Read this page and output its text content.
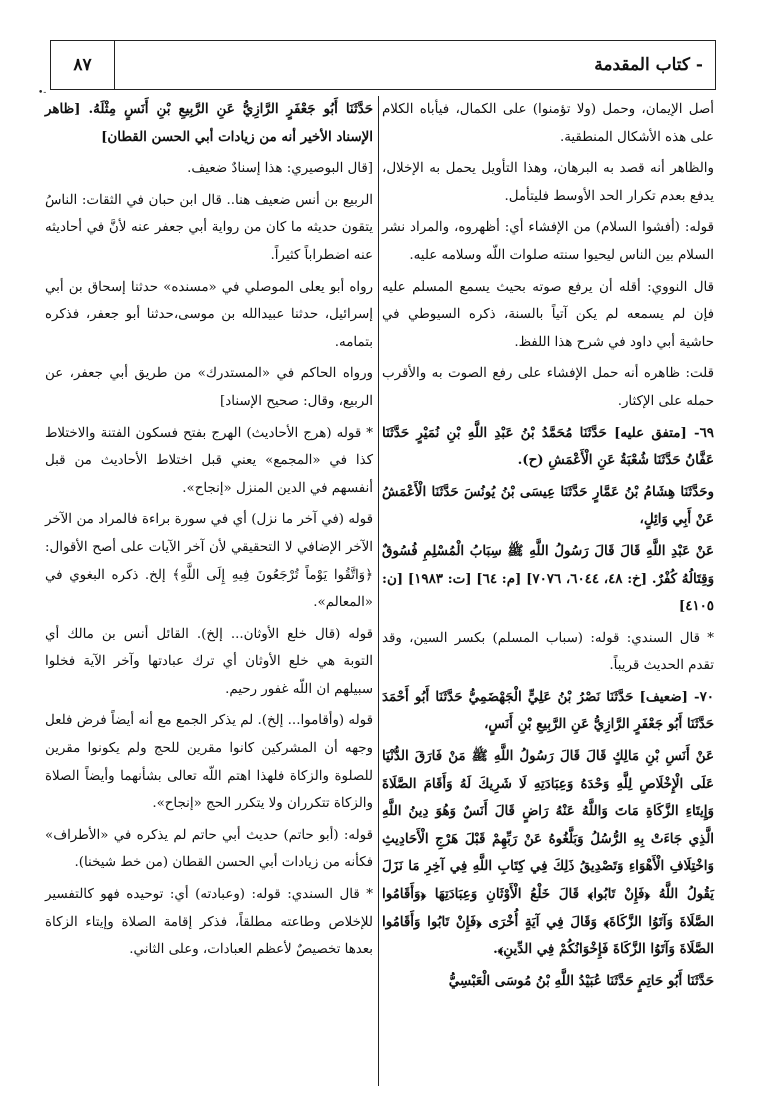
٨٧	- كتاب المقدمة
•-

أصل الإيمان، وحمل (ولا تؤمنوا) على الكمال، فيأباه الكلام على هذه الأشكال المنطقية.

والظاهر أنه قصد به البرهان، وهذا التأويل يحمل به الإخلال، يدفع بعدم تكرار الحد الأوسط فليتأمل.

قوله: (أفشوا السلام) من الإفشاء أي: أظهروه، والمراد نشر السلام بين الناس ليحيوا سنته صلوات اللّه وسلامه عليه.

قال النووي: أقله أن يرفع صوته بحيث يسمع المسلم عليه فإن لم يسمعه لم يكن آتياً بالسنة، ذكره السيوطي في حاشية أبي داود في شرح هذا اللفظ.

قلت: ظاهره أنه حمل الإفشاء على رفع الصوت به والأقرب حمله على الإكثار.

٦٩- [متفق عليه] حَدَّثَنَا مُحَمَّدُ بْنُ عَبْدِ اللَّهِ بْنِ نُمَيْرٍ حَدَّثَنَا عَفَّانُ حَدَّثَنَا شُعْبَةُ عَنِ الْأَعْمَشِ (ح).

وحَدَّثَنَا هِشَامُ بْنُ عَمَّارٍ حَدَّثَنَا عِيسَى بْنُ يُونُسَ حَدَّثَنَا الْأَعْمَشُ عَنْ أَبِي وَائِلٍ،

عَنْ عَبْدِ اللَّهِ قَالَ قَالَ رَسُولُ اللَّهِ ﷺ سِبَابُ الْمُسْلِمِ فُسُوقٌ وَقِتَالُهُ كُفْرٌ. [خ: ٤٨، ٦٠٤٤، ٧٠٧٦] [م: ٦٤] [ت: ١٩٨٣] [ن: ٤١٠٥]

* قال السندي: قوله: (سباب المسلم) بكسر السين، وقد تقدم الحديث قريباً.

٧٠- [ضعيف] حَدَّثَنَا نَصْرُ بْنُ عَلِيٍّ الْجَهْضَمِيُّ حَدَّثَنَا أَبُو أَحْمَدَ حَدَّثَنَا أَبُو جَعْفَرٍ الرَّازِيُّ عَنِ الرَّبِيعِ بْنِ أَنَسٍ،

عَنْ أَنَسِ بْنِ مَالِكٍ قَالَ قَالَ رَسُولُ اللَّهِ ﷺ مَنْ فَارَقَ الدُّنْيَا عَلَى الْإِخْلَاصِ لِلَّهِ وَحْدَهُ وَعِبَادَتِهِ لَا شَرِيكَ لَهُ وَأَقَامَ الصَّلَاةَ وَإِيتَاءِ الزَّكَاةِ مَاتَ وَاللَّهُ عَنْهُ رَاضٍ قَالَ أَنَسٌ وَهُوَ دِينُ اللَّهِ الَّذِي جَاءَتْ بِهِ الرُّسُلُ وَبَلَّغُوهُ عَنْ رَبِّهِمْ قَبْلَ هَرْجِ الْأَحَادِيثِ وَاخْتِلَافِ الْأَهْوَاءِ وَتَصْدِيقُ ذَلِكَ فِي كِتَابِ اللَّهِ فِي آخِرِ مَا نَزَلَ يَقُولُ اللَّهُ ﴿فَإِنْ تَابُوا﴾ قَالَ خَلْعُ الْأَوْثَانِ وَعِبَادَتِهَا ﴿وَأَقَامُوا الصَّلَاةَ وَآتَوُا الزَّكَاةَ﴾ وَقَالَ فِي آيَةٍ أُخْرَى ﴿فَإِنْ تَابُوا وَأَقَامُوا الصَّلَاةَ وَآتَوُا الزَّكَاةَ فَإِخْوَانُكُمْ فِي الدِّينِ﴾.

حَدَّثَنَا أَبُو حَاتِمٍ حَدَّثَنَا عُبَيْدُ اللَّهِ بْنُ مُوسَى الْعَبْسِيُّ

حَدَّثَنَا أَبُو جَعْفَرٍ الرَّازِيُّ عَنِ الرَّبِيعِ بْنِ أَنَسٍ مِثْلَهُ. [ظاهر الإسناد الأخير أنه من زيادات أبي الحسن القطان]

[قال البوصيري: هذا إسنادٌ ضعيف.

الربيع بن أنس ضعيف هنا.. قال ابن حبان في الثقات: الناسُ يتقون حديثه ما كان من رواية أبي جعفر عنه لأنَّ في أحاديثه عنه اضطراباً كثيراً.

رواه أبو يعلى الموصلي في «مسنده» حدثنا إسحاق بن أبي إسرائيل، حدثنا عبيدالله بن موسى،حدثنا أبو جعفر، فذكره بتمامه.

ورواه الحاكم في «المستدرك» من طريق أبي جعفر، عن الربيع، وقال: صحيح الإسناد]

* قوله (هرج الأحاديث) الهرج بفتح فسكون الفتنة والاختلاط كذا في «المجمع» يعني قبل اختلاط الأحاديث من قبل أنفسهم في الدين المنزل «إنجاح».

قوله (في آخر ما نزل) أي في سورة براءة فالمراد من الآخر الآخر الإضافي لا التحقيقي لأن آخر الآيات على أصح الأقوال: ﴿وَاتَّقُوا يَوْماً تُرْجَعُونَ فِيهِ إِلَى اللَّهِ﴾ إلخ. ذكره البغوي في «المعالم».

قوله (قال خلع الأوثان... إلخ). القائل أنس بن مالك أي التوبة هي خلع الأوثان أي ترك عبادتها وآخر الآية فخلوا سبيلهم ان اللّه غفور رحيم.

قوله (وأقاموا... إلخ). لم يذكر الجمع مع أنه أيضاً فرض فلعل وجهه أن المشركين كانوا مقرين للحج ولم يكونوا مقرين للصلوة والزكاة فلهذا اهتم اللّه تعالى بشأنهما وأيضاً الصلاة والزكاة تتكرران ولا يتكرر الحج «إنجاح».

قوله: (أبو حاتم) حديث أبي حاتم لم يذكره في «الأطراف» فكأنه من زيادات أبي الحسن القطان (من خط شيخنا).

* قال السندي: قوله: (وعبادته) أي: توحيده فهو كالتفسير للإخلاص وطاعته مطلقاً، فذكر إقامة الصلاة وإيتاء الزكاة بعدها تخصيصٌ لأعظم العبادات، وعلى الثاني.
